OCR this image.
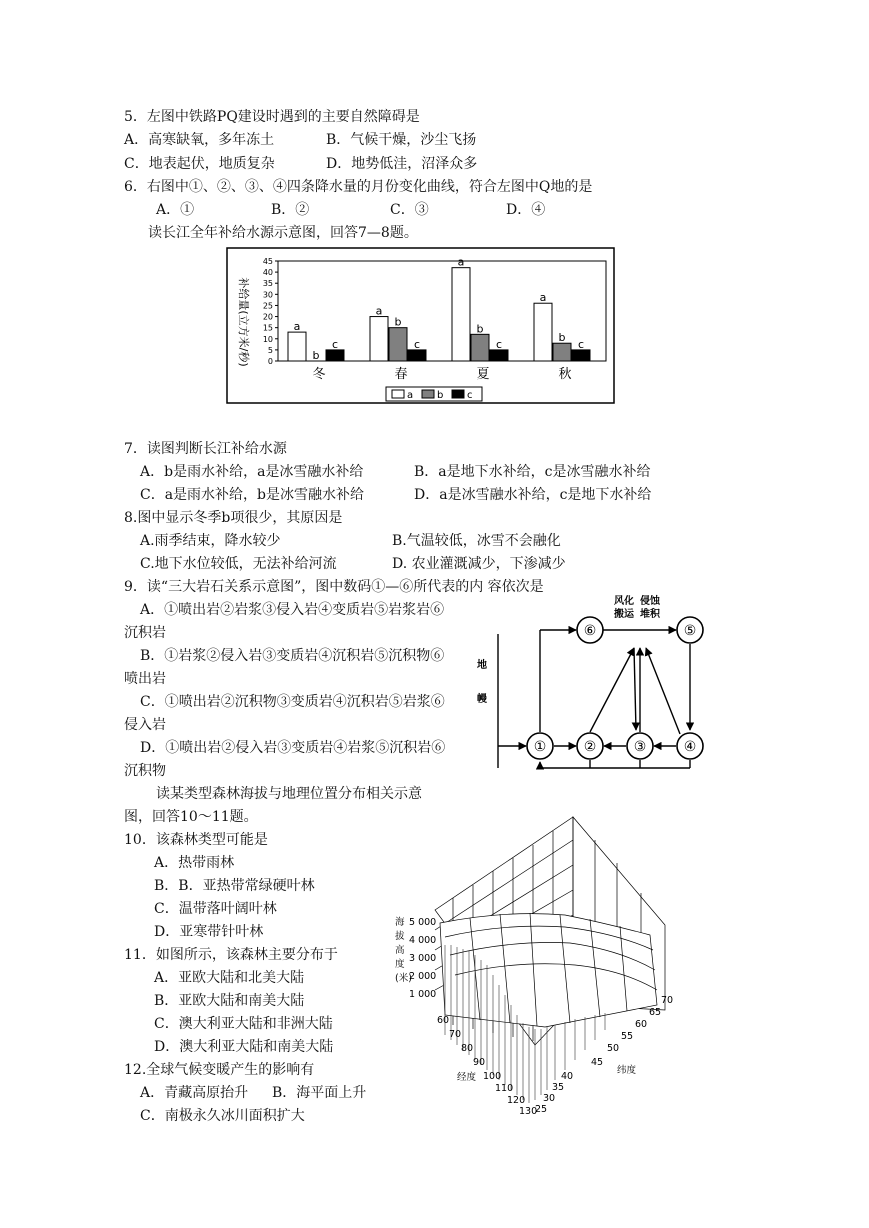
5．左图中铁路PQ建设时遇到的主要自然障碍是
A．高寒缺氧，多年冻土	B．气候干燥，沙尘飞扬
C．地表起伏，地质复杂	D．地势低洼，沼泽众多
6．右图中①、②、③、④四条降水量的月份变化曲线，符合左图中Q地的是
A．①	B．②	C．③	D．④
读长江全年补给水源示意图，回答7—8题。
补给量(立方米/秒) 0
5
10
15
20
25
30
35
40
45
a
b
c
a
b
c
a
b
c
a
b
c
冬	春	夏	秋
a b c
7．读图判断长江补给水源
A．b是雨水补给，a是冰雪融水补给	B．a是地下水补给，c是冰雪融水补给
C．a是雨水补给，b是冰雪融水补给	D．a是冰雪融水补给，c是地下水补给
8.图中显示冬季b项很少，其原因是
A.雨季结束，降水较少	B.气温较低，冰雪不会融化
C.地下水位较低，无法补给河流	D. 农业灌溉减少，下渗减少
9．读“三大岩石关系示意图”，图中数码①—⑥所代表的内 容依次是
A．①喷出岩②岩浆③侵入岩④变质岩⑤岩浆岩⑥
沉积岩
B．①岩浆②侵入岩③变质岩④沉积岩⑤沉积物⑥
喷出岩
C．①喷出岩②沉积物③变质岩④沉积岩⑤岩浆⑥
侵入岩
D．①喷出岩②侵入岩③变质岩④岩浆⑤沉积岩⑥
沉积物
①	②	③	④
⑤
⑥
风化
搬运
侵蚀
堆积
地
幔
读某类型森林海拔与地理位置分布相关示意
图，回答10～11题。
10．该森林类型可能是
A．热带雨林
B．B．亚热带常绿硬叶林
C．温带落叶阔叶林
D．亚寒带针叶林
11．如图所示，该森林主要分布于
A．亚欧大陆和北美大陆
B．亚欧大陆和南美大陆
C．澳大利亚大陆和非洲大陆
D．澳大利亚大陆和南美大陆
12.全球气候变暖产生的影响有
A．青藏高原抬升 B．海平面上升
C．南极永久冰川面积扩大
海
拔
高
度
(米)
5 000
4 000
3 000
2 000
1 000
60
70
80
90
100
110
120
130
经度
25
30
35
40
45
50
55
60
65
70
纬度
